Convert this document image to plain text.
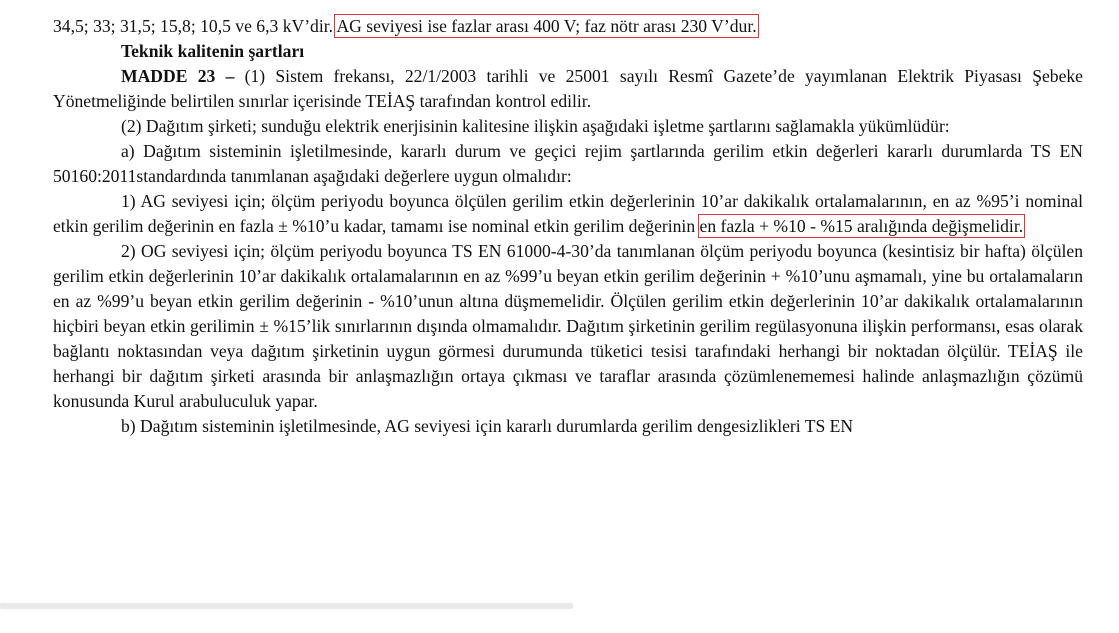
34,5; 33; 31,5; 15,8; 10,5 ve 6,3 kV’dir. AG seviyesi ise fazlar arası 400 V; faz nötr arası 230 V’dur.

Teknik kalitenin şartları

MADDE 23 – (1) Sistem frekansı, 22/1/2003 tarihli ve 25001 sayılı Resmî Gazete’de yayımlanan Elektrik Piyasası Şebeke Yönetmeliğinde belirtilen sınırlar içerisinde TEİAŞ tarafından kontrol edilir.

(2) Dağıtım şirketi; sunduğu elektrik enerjisinin kalitesine ilişkin aşağıdaki işletme şartlarını sağlamakla yükümlüdür:

a) Dağıtım sisteminin işletilmesinde, kararlı durum ve geçici rejim şartlarında gerilim etkin değerleri kararlı durumlarda TS EN 50160:2011standardında tanımlanan aşağıdaki değerlere uygun olmalıdır:

1) AG seviyesi için; ölçüm periyodu boyunca ölçülen gerilim etkin değerlerinin 10’ar dakikalık ortalamalarının, en az %95’i nominal etkin gerilim değerinin en fazla ± %10’u kadar, tamamı ise nominal etkin gerilim değerinin en fazla + %10 - %15 aralığında değişmelidir.

2) OG seviyesi için; ölçüm periyodu boyunca TS EN 61000-4-30’da tanımlanan ölçüm periyodu boyunca (kesintisiz bir hafta) ölçülen gerilim etkin değerlerinin 10’ar dakikalık ortalamalarının en az %99’u beyan etkin gerilim değerinin + %10’unu aşmamalı, yine bu ortalamaların en az %99’u beyan etkin gerilim değerinin - %10’unun altına düşmemelidir. Ölçülen gerilim etkin değerlerinin 10’ar dakikalık ortalamalarının hiçbiri beyan etkin gerilimin ± %15’lik sınırlarının dışında olmamalıdır. Dağıtım şirketinin gerilim regülasyonuna ilişkin performansı, esas olarak bağlantı noktasından veya dağıtım şirketinin uygun görmesi durumunda tüketici tesisi tarafındaki herhangi bir noktadan ölçülür. TEİAŞ ile herhangi bir dağıtım şirketi arasında bir anlaşmazlığın ortaya çıkması ve taraflar arasında çözümlenememesi halinde anlaşmazlığın çözümü konusunda Kurul arabuluculuk yapar.

b) Dağıtım sisteminin işletilmesinde, AG seviyesi için kararlı durumlarda gerilim dengesizlikleri TS EN
